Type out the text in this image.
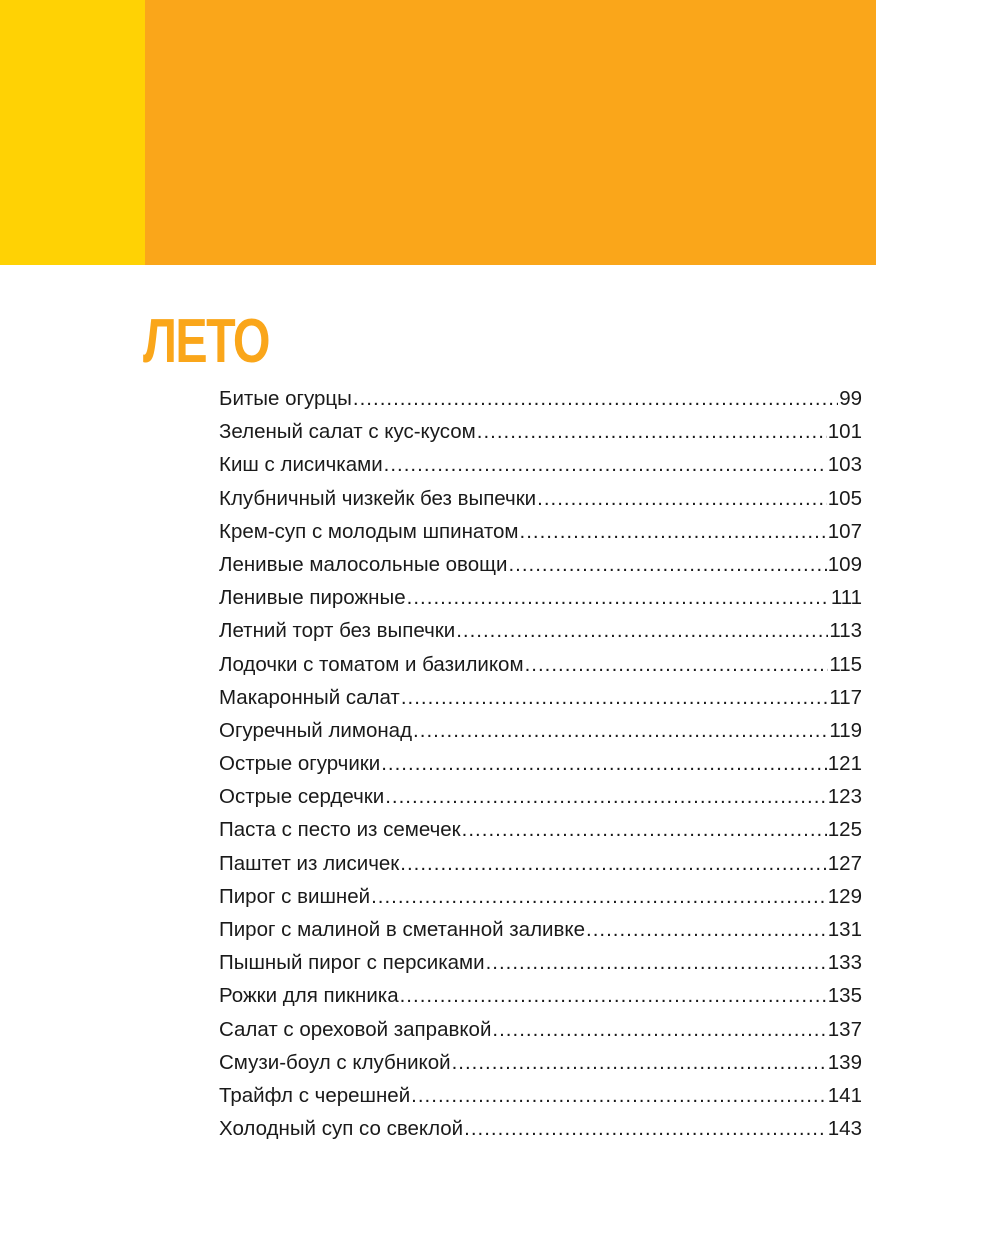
ЛЕТО
Битые огурцы .....	99
Зеленый салат с кус-кусом .....	101
Киш с лисичками .....	103
Клубничный чизкейк без выпечки .....	105
Крем-суп с молодым шпинатом .....	107
Ленивые малосольные овощи .....	109
Ленивые пирожные .....	111
Летний торт без выпечки .....	113
Лодочки с томатом и базиликом .....	115
Макаронный салат .....	117
Огуречный лимонад .....	119
Острые огурчики .....	121
Острые сердечки .....	123
Паста с песто из семечек .....	125
Паштет из лисичек .....	127
Пирог с вишней .....	129
Пирог с малиной в сметанной заливке .....	131
Пышный пирог с персиками .....	133
Рожки для пикника .....	135
Салат с ореховой заправкой .....	137
Смузи-боул с клубникой .....	139
Трайфл с черешней .....	141
Холодный суп со свеклой .....	143
